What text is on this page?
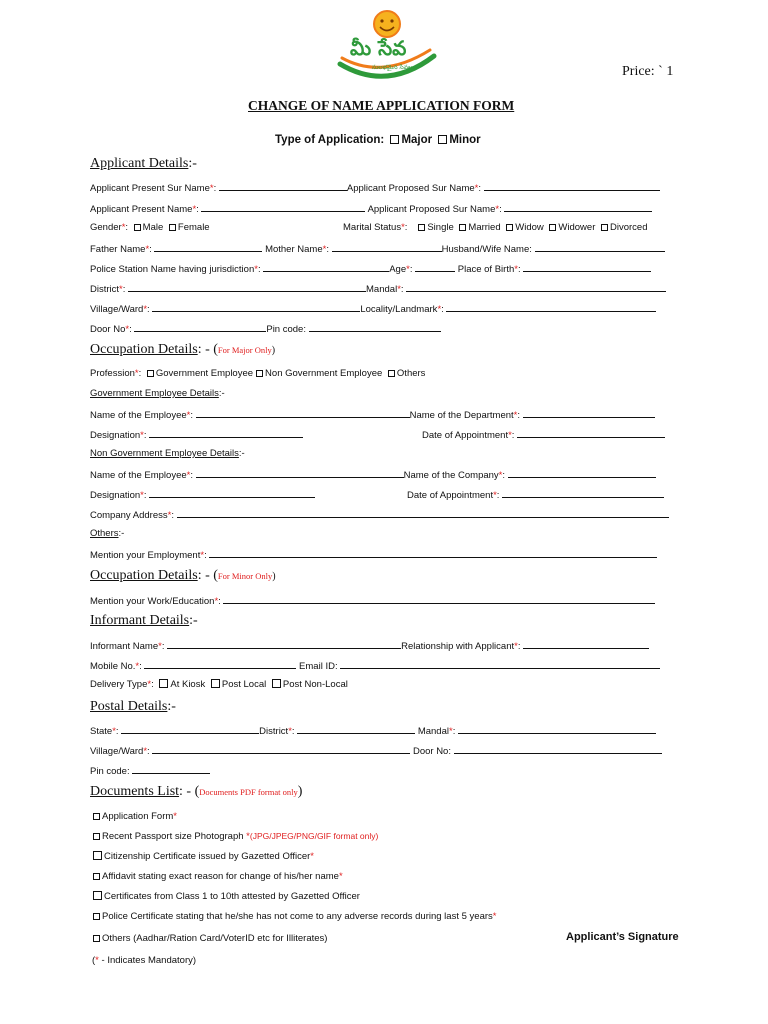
మీ సేవ
సులభమైన సేవలు	Price: ` 1
CHANGE OF NAME APPLICATION FORM
Type of Application: Major Minor
Applicant Details:-
Applicant Present Sur Name*:	Applicant Proposed Sur Name*:
Applicant Present Name*:	Applicant Proposed Sur Name*:
Gender*: Male Female	Marital Status*:   Single Married Widow Widower Divorced
Father Name*:	Mother Name*:	Husband/Wife Name:
Police Station Name having jurisdiction*:	Age*:	Place of Birth*:
District*:	Mandal*:
Village/Ward*:	Locality/Landmark*:
Door No*:	Pin code:
Occupation Details: - (For Major Only)
Profession*: Government Employee Non Government Employee Others
Government Employee Details:-
Name of the Employee*:	Name of the Department*:
Designation*:	Date of Appointment*:
Non Government Employee Details:-
Name of the Employee*:	Name of the Company*:
Designation*:	Date of Appointment*:
Company Address*:
Others:-
Mention your Employment*:
Occupation Details: - (For Minor Only)
Mention your Work/Education*:
Informant Details:-
Informant Name*:	Relationship with Applicant*:
Mobile No.*:	Email ID:
Delivery Type*: At Kiosk Post Local Post Non-Local
Postal Details:-
State*:	District*:	Mandal*:
Village/Ward*:	Door No:
Pin code:
Documents List: - (Documents PDF format only)
Application Form*
Recent Passport size Photograph *(JPG/JPEG/PNG/GIF format only)
Citizenship Certificate issued by Gazetted Officer*
Affidavit stating exact reason for change of his/her name*
Certificates from Class 1 to 10th attested by Gazetted Officer
Police Certificate stating that he/she has not come to any adverse records during last 5 years*
Others (Aadhar/Ration Card/VoterID etc for Illiterates)	Applicant’s Signature
(* - Indicates Mandatory)
